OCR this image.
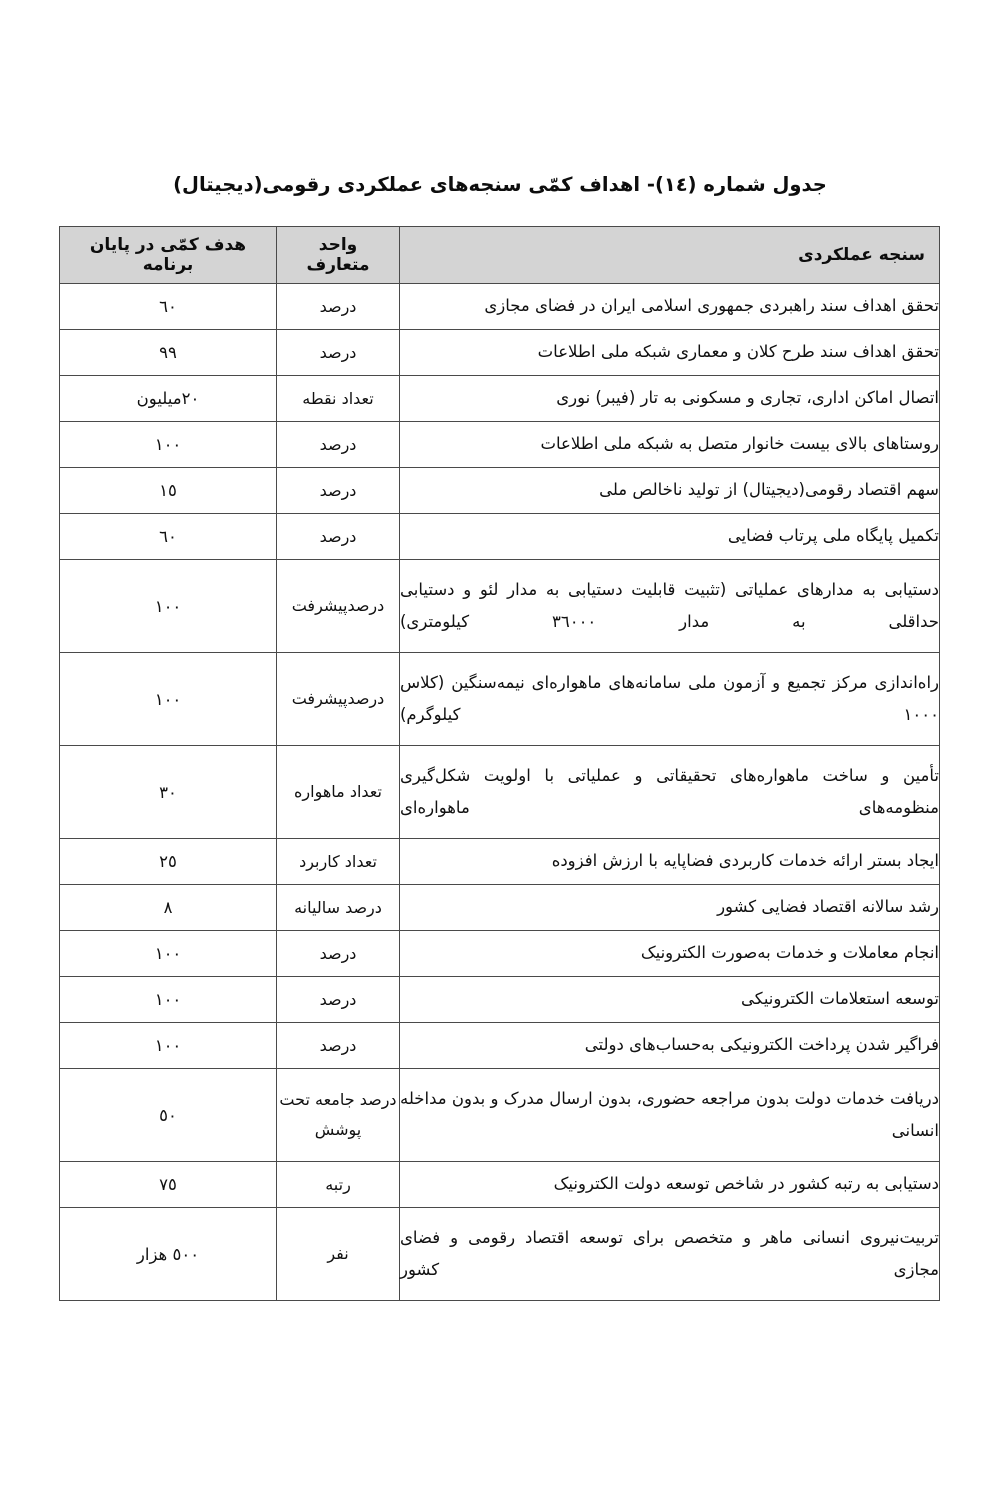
جدول شماره (١٤)- اهداف کمّی سنجه‌های عملکردی رقومی(دیجیتال)
سنجه عملکردی	واحد متعارف	هدف کمّی در پایان برنامه

تحقق اهداف سند راهبردی جمهوری اسلامی ایران در فضای مجازی	درصد	٦٠
تحقق اهداف سند طرح کلان و معماری شبکه ملی اطلاعات	درصد	٩٩
اتصال اماکن اداری، تجاری و مسکونی به تار (فیبر) نوری	تعداد نقطه	٢٠میلیون
روستاهای بالای بیست خانوار متصل به شبکه ملی اطلاعات	درصد	١٠٠
سهم اقتصاد رقومی(دیجیتال) از تولید ناخالص ملی	درصد	١٥
تکمیل پایگاه ملی پرتاب فضایی	درصد	٦٠
دستیابی به مدارهای عملیاتی (تثبیت قابلیت دستیابی به مدار لئو و دستیابی حداقلی به مدار ٣٦٠٠٠ کیلومتری)	درصدپیشرفت	١٠٠
راه‌اندازی مرکز تجمیع و آزمون ملی سامانه‌های ماهواره‌ای نیمه‌سنگین (کلاس ١٠٠٠ کیلوگرم)	درصدپیشرفت	١٠٠
تأمین و ساخت ماهواره‌های تحقیقاتی و عملیاتی با اولویت شکل‌گیری منظومه‌های ماهواره‌ای	تعداد ماهواره	٣٠
ایجاد بستر ارائه خدمات کاربردی فضاپایه با ارزش افزوده	تعداد کاربرد	٢٥
رشد سالانه اقتصاد فضایی کشور	درصد سالیانه	٨
انجام معاملات و خدمات به‌صورت الکترونیک	درصد	١٠٠
توسعه استعلامات الکترونیکی	درصد	١٠٠
فراگیر شدن پرداخت الکترونیکی به‌حساب‌های دولتی	درصد	١٠٠
دریافت خدمات دولت بدون مراجعه حضوری، بدون ارسال مدرک و بدون مداخله انسانی	درصد جامعه تحت پوشش	٥٠
دستیابی به رتبه کشور در شاخص توسعه دولت الکترونیک	رتبه	٧٥
تربیت‌نیروی انسانی ماهر و متخصص برای توسعه اقتصاد رقومی و فضای مجازی کشور	نفر	٥٠٠ هزار
